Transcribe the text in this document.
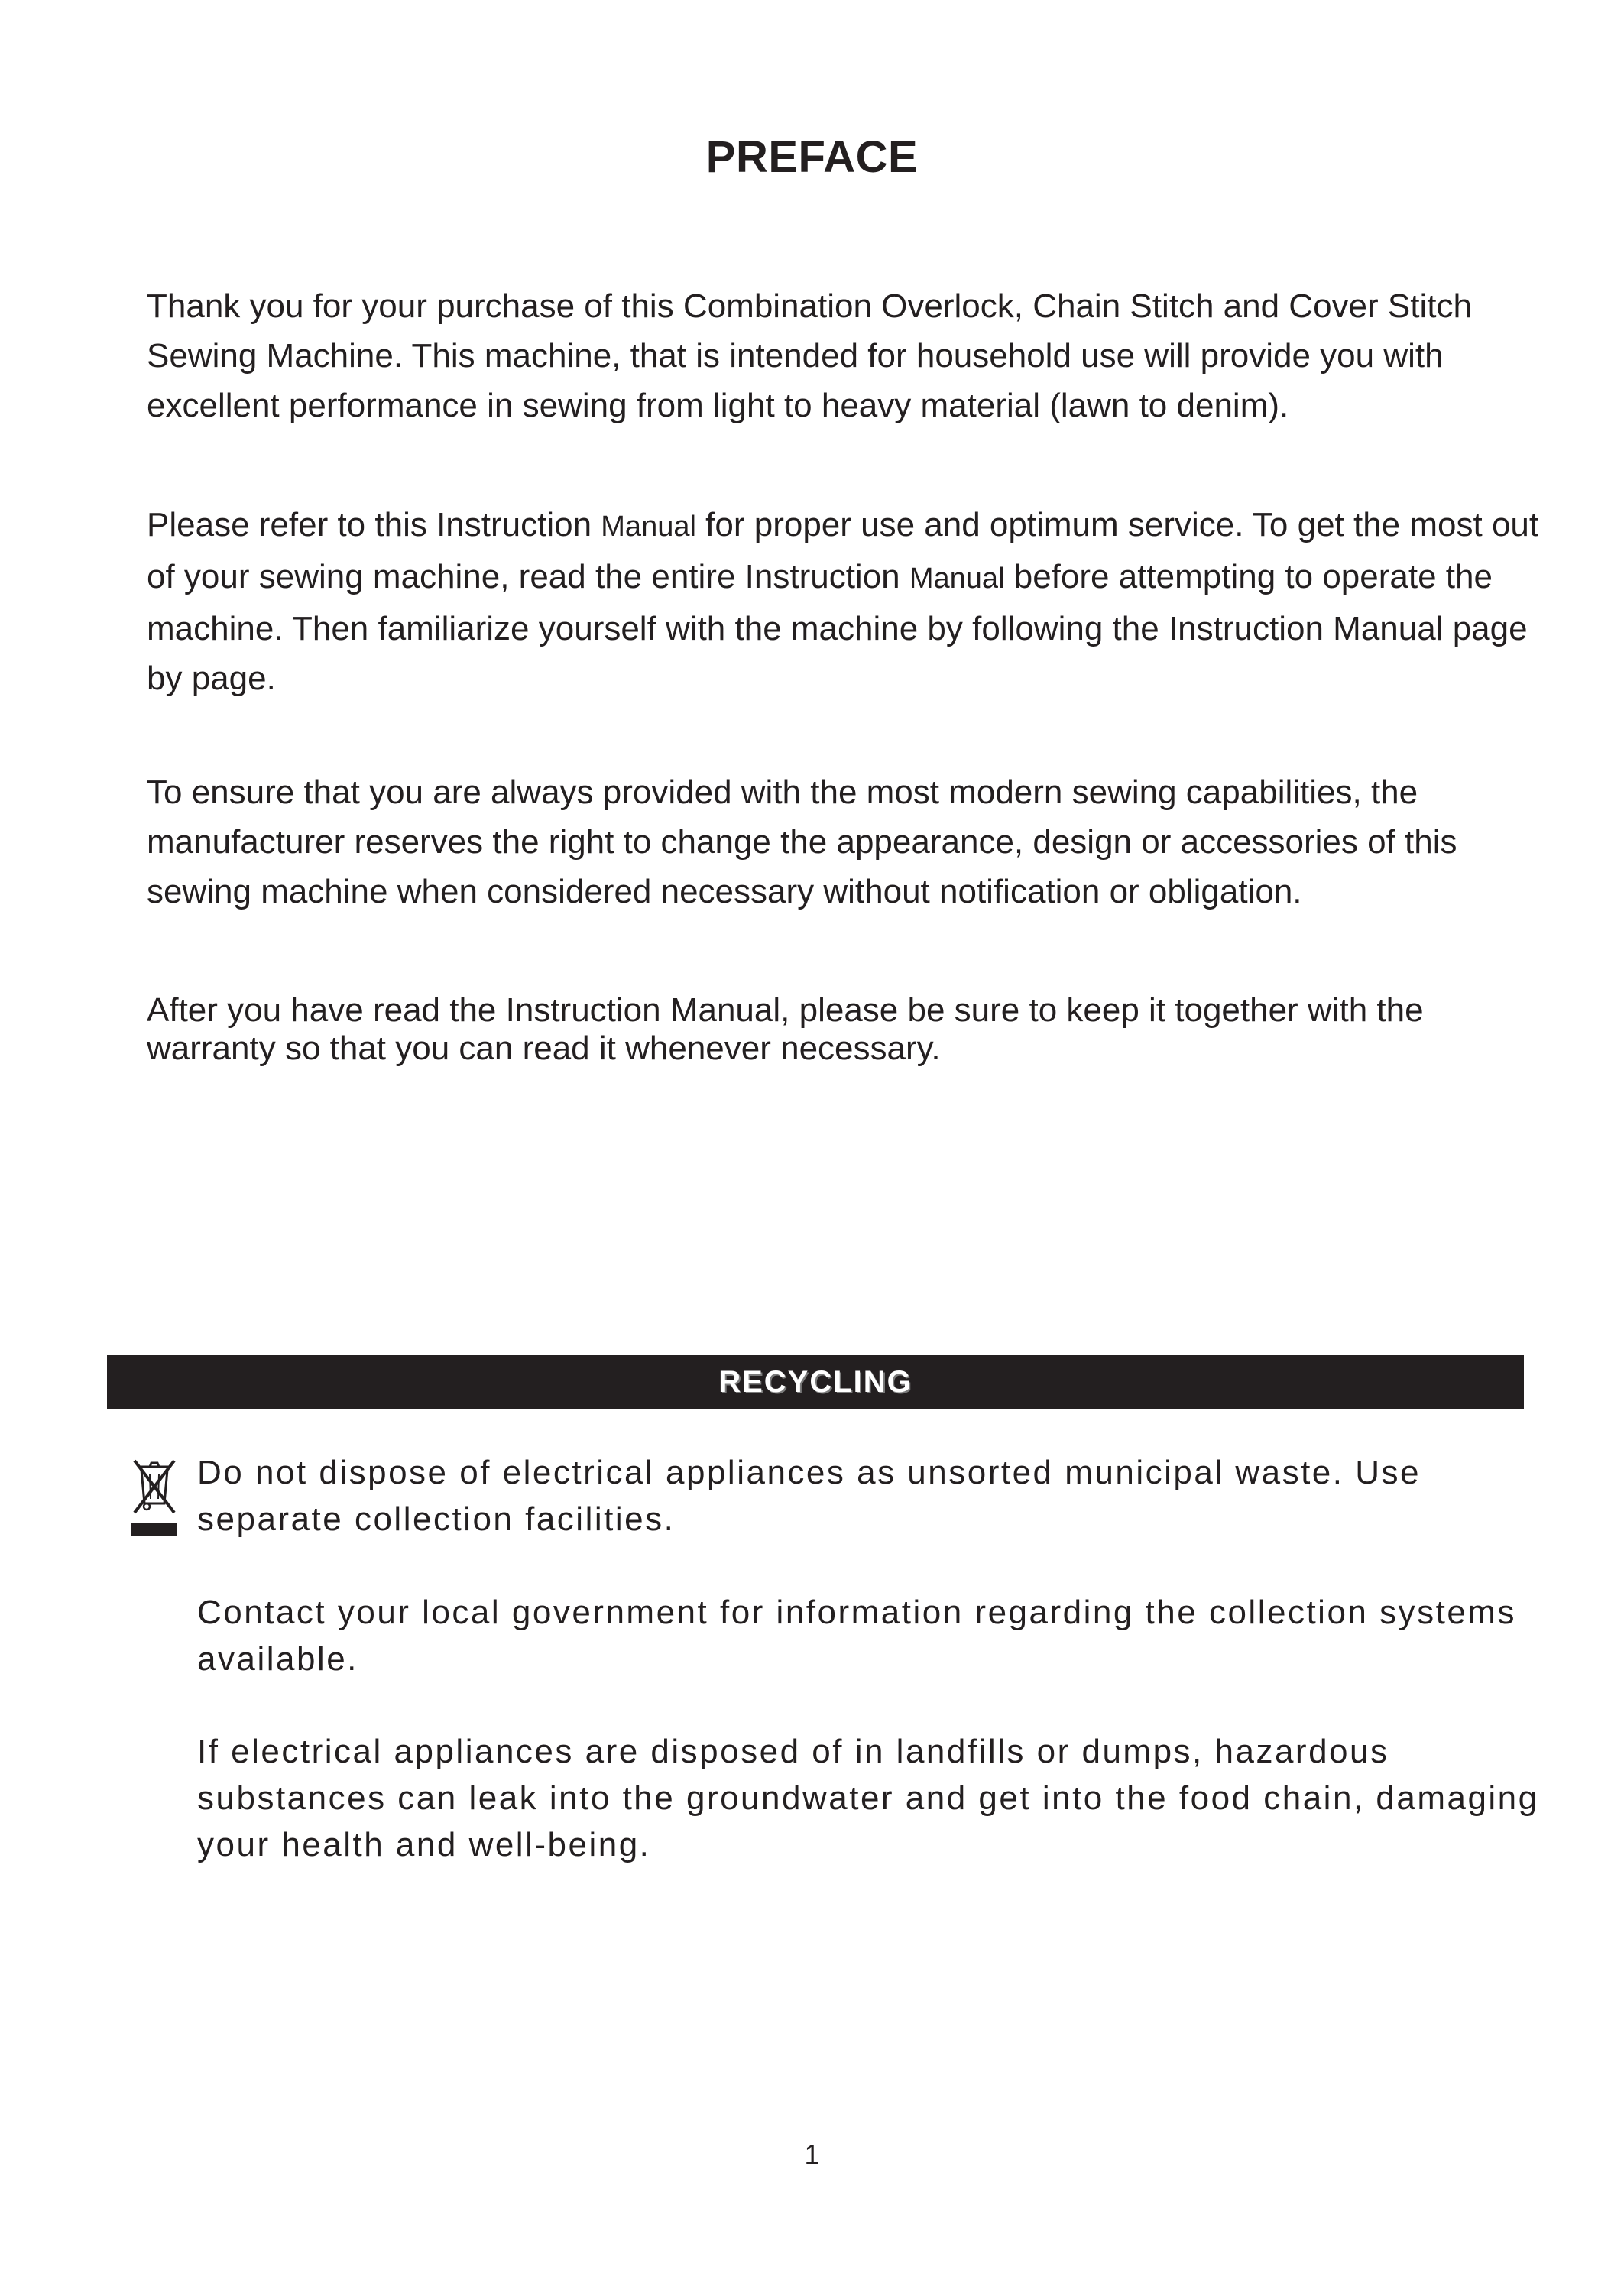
PREFACE

Thank you for your purchase of this Combination Overlock, Chain Stitch and Cover Stitch Sewing Machine. This machine, that is intended for household use will provide you with excellent performance in sewing from light to heavy material (lawn to denim).

Please refer to this Instruction Manual for proper use and optimum service. To get the most out of your sewing machine, read the entire Instruction Manual before attempting to operate the machine. Then familiarize yourself with the machine by following the Instruction Manual page by page.

To ensure that you are always provided with the most modern sewing capabilities, the manufacturer reserves the right to change the appearance, design or accessories of this sewing machine when considered necessary without notification or obligation.

After you have read the Instruction Manual, please be sure to keep it together with the warranty so that you can read it whenever necessary.

RECYCLING

Do not dispose of electrical appliances as unsorted municipal waste. Use separate collection facilities.

Contact your local government for information regarding the collection systems available.

If electrical appliances are disposed of in landfills or dumps, hazardous substances can leak into the groundwater and get into the food chain, damaging your health and well-being.

1
